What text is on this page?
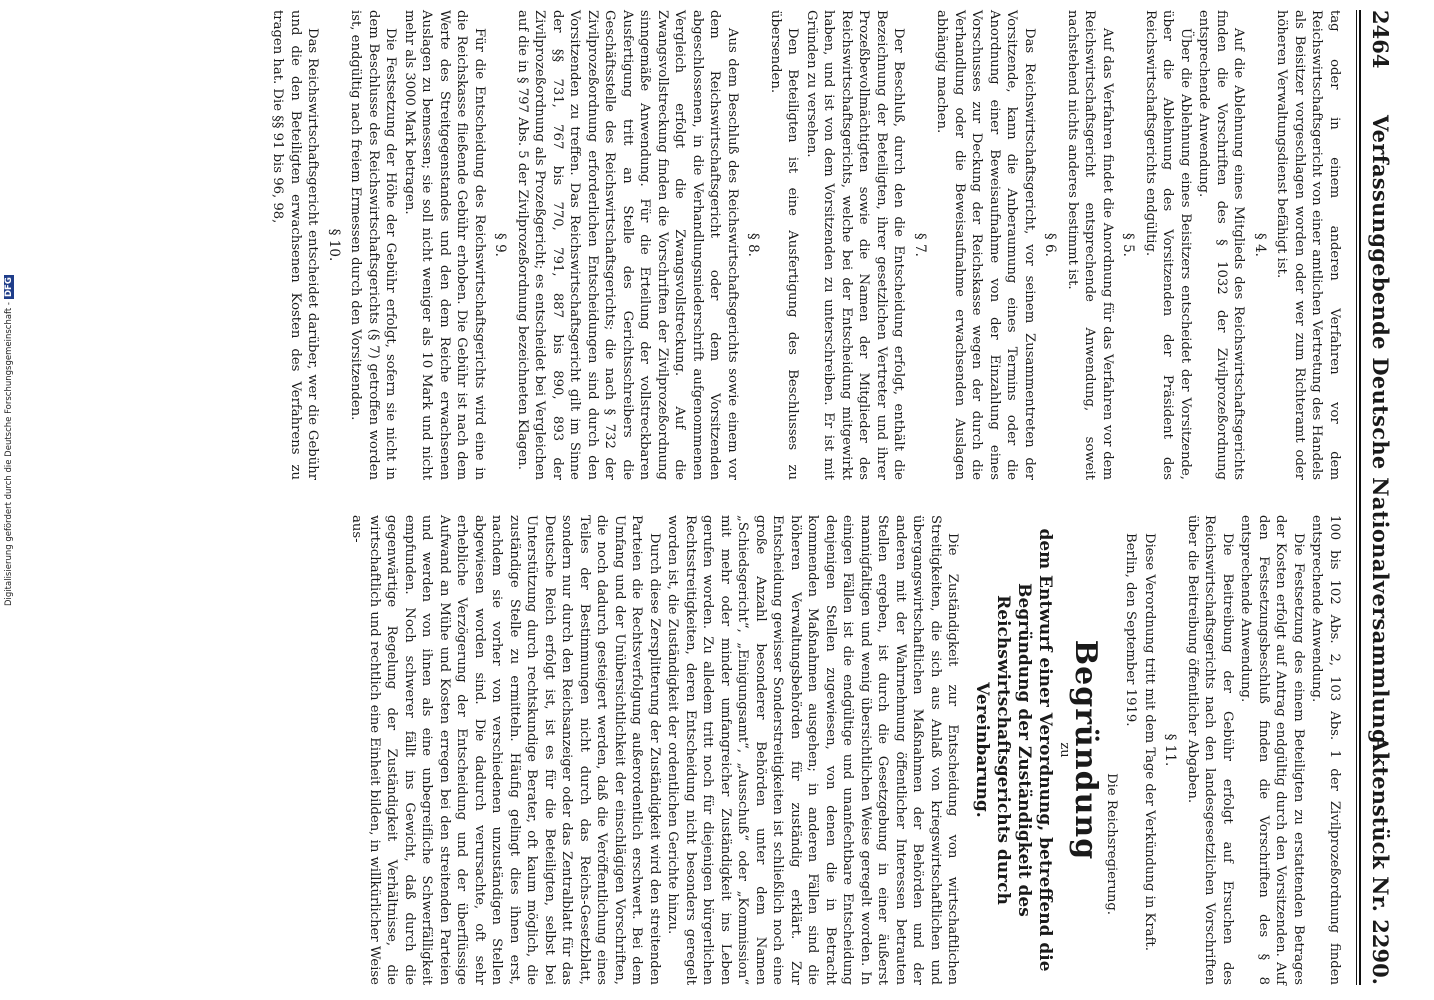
2464
Verfassunggebende Deutsche Nationalversammlung.
Aktenstück Nr. 2290.

tag oder in einem anderen Verfahren vor dem Reichswirtschaftsgericht von einer amtlichen Vertretung des Handels als Beisitzer vorgeschlagen worden oder wer zum Richteramt oder höheren Verwaltungsdienst befähigt ist.

§ 4.

Auf die Ablehnung eines Mitglieds des Reichswirtschaftsgerichts finden die Vorschriften des § 1032 der Zivilprozeßordnung entsprechende Anwendung.

Über die Ablehnung eines Beisitzers entscheidet der Vorsitzende, über die Ablehnung des Vorsitzenden der Präsident des Reichswirtschaftsgerichts endgültig.

§ 5.

Auf das Verfahren findet die Anordnung für das Verfahren vor dem Reichswirtschaftsgericht entsprechende Anwendung, soweit nachstehend nichts anderes bestimmt ist.

§ 6.

Das Reichswirtschaftsgericht, vor seinem Zusammentreten der Vorsitzende, kann die Anberaumung eines Termins oder die Anordnung einer Beweisaufnahme von der Einzahlung eines Vorschusses zur Deckung der Reichskasse wegen der durch die Verhandlung oder die Beweisaufnahme erwachsenden Auslagen abhängig machen.

§ 7.

Der Beschluß, durch den die Entscheidung erfolgt, enthält die Bezeichnung der Beteiligten, ihrer gesetzlichen Vertreter und ihrer Prozeßbevollmächtigten sowie die Namen der Mitglieder des Reichswirtschaftsgerichts, welche bei der Entscheidung mitgewirkt haben, und ist von dem Vorsitzenden zu unterschreiben. Er ist mit Gründen zu versehen.

Den Beteiligten ist eine Ausfertigung des Beschlusses zu übersenden.

§ 8.

Aus dem Beschluß des Reichswirtschaftsgerichts sowie einem vor dem Reichswirtschaftsgericht oder dem Vorsitzenden abgeschlossenen, in die Verhandlungsniederschrift aufgenommenen Vergleich erfolgt die Zwangsvollstreckung. Auf die Zwangsvollstreckung finden die Vorschriften der Zivilprozeßordnung sinngemäße Anwendung. Für die Erteilung der vollstreckbaren Ausfertigung tritt an Stelle des Gerichtsschreibers die Geschäftsstelle des Reichswirtschaftsgerichts; die nach § 732 der Zivilprozeßordnung erforderlichen Entscheidungen sind durch den Vorsitzenden zu treffen. Das Reichswirtschaftsgericht gilt im Sinne der §§ 731, 767 bis 770, 791, 887 bis 890, 893 der Zivilprozeßordnung als Prozeßgericht; es entscheidet bei Vergleichen auf die in § 797 Abs. 5 der Zivilprozeßordnung bezeichneten Klagen.

§ 9.

Für die Entscheidung des Reichswirtschaftsgerichts wird eine in die Reichskasse fließende Gebühr erhoben. Die Gebühr ist nach dem Werte des Streitgegenstandes und den dem Reiche erwachsenen Auslagen zu bemessen; sie soll nicht weniger als 10 Mark und nicht mehr als 3000 Mark betragen.

Die Festsetzung der Höhe der Gebühr erfolgt, sofern sie nicht in dem Beschlusse des Reichswirtschaftsgerichts (§ 7) getroffen worden ist, endgültig nach freiem Ermessen durch den Vorsitzenden.

§ 10.

Das Reichswirtschaftsgericht entscheidet darüber, wer die Gebühr und die den Beteiligten erwachsenen Kosten des Verfahrens zu tragen hat. Die §§ 91 bis 96, 98,

100 bis 102 Abs. 2, 103 Abs. 1 der Zivilprozeßordnung finden entsprechende Anwendung.

Die Festsetzung des einem Beteiligten zu erstattenden Betrages der Kosten erfolgt auf Antrag endgültig durch den Vorsitzenden. Auf den Festsetzungsbeschluß finden die Vorschriften des § 8 entsprechende Anwendung.

Die Beitreibung der Gebühr erfolgt auf Ersuchen des Reichswirtschaftsgerichts nach den landesgesetzlichen Vorschriften über die Beitreibung öffentlicher Abgaben.

§ 11.

Diese Verordnung tritt mit dem Tage der Verkündung in Kraft.

Berlin, den September 1919.

Die Reichsregierung.
Begründung
zu
dem Entwurf einer Verordnung, betreffend die Begründung der Zuständigkeit des Reichswirtschaftsgerichts durch Vereinbarung.

Die Zuständigkeit zur Entscheidung von wirtschaftlichen Streitigkeiten, die sich aus Anlaß von kriegswirtschaftlichen und übergangswirtschaftlichen Maßnahmen der Behörden und der anderen mit der Wahrnehmung öffentlicher Interessen betrauten Stellen ergeben, ist durch die Gesetzgebung in einer äußerst mannigfaltigen und wenig übersichtlichen Weise geregelt worden. In einigen Fällen ist die endgültige und unanfechtbare Entscheidung denjenigen Stellen zugewiesen, von denen die in Betracht kommenden Maßnahmen ausgehen; in anderen Fällen sind die höheren Verwaltungsbehörden für zuständig erklärt. Zur Entscheidung gewisser Sonderstreitigkeiten ist schließlich noch eine große Anzahl besonderer Behörden unter dem Namen „Schiedsgericht“, „Einigungsamt“, „Ausschuß“ oder „Kommission“ mit mehr oder minder umfangreicher Zuständigkeit ins Leben gerufen worden. Zu alledem tritt noch für diejenigen bürgerlichen Rechtsstreitigkeiten, deren Entscheidung nicht besonders geregelt worden ist, die Zuständigkeit der ordentlichen Gerichte hinzu.

Durch diese Zersplitterung der Zuständigkeit wird den streitenden Parteien die Rechtsverfolgung außerordentlich erschwert. Bei dem Umfang und der Unübersichtlichkeit der einschlägigen Vorschriften, die noch dadurch gesteigert werden, daß die Veröffentlichung eines Teiles der Bestimmungen nicht durch das Reichs-Gesetzblatt, sondern nur durch den Reichsanzeiger oder das Zentralblatt für das Deutsche Reich erfolgt ist, ist es für die Beteiligten, selbst bei Unterstützung durch rechtskundige Berater, oft kaum möglich, die zuständige Stelle zu ermitteln. Häufig gelingt dies ihnen erst, nachdem sie vorher von verschiedenen unzuständigen Stellen abgewiesen worden sind. Die dadurch verursachte, oft sehr erhebliche Verzögerung der Entscheidung und der überflüssige Aufwand an Mühe und Kosten erregen bei den streitenden Parteien und werden von ihnen als eine unbegreifliche Schwerfälligkeit empfunden. Noch schwerer fällt ins Gewicht, daß durch die gegenwärtige Regelung der Zuständigkeit Verhältnisse, die wirtschaftlich und rechtlich eine Einheit bilden, in willkürlicher Weise aus-

Digitalisierung gefördert durch die Deutsche Forschungsgemeinschaft -DFG
